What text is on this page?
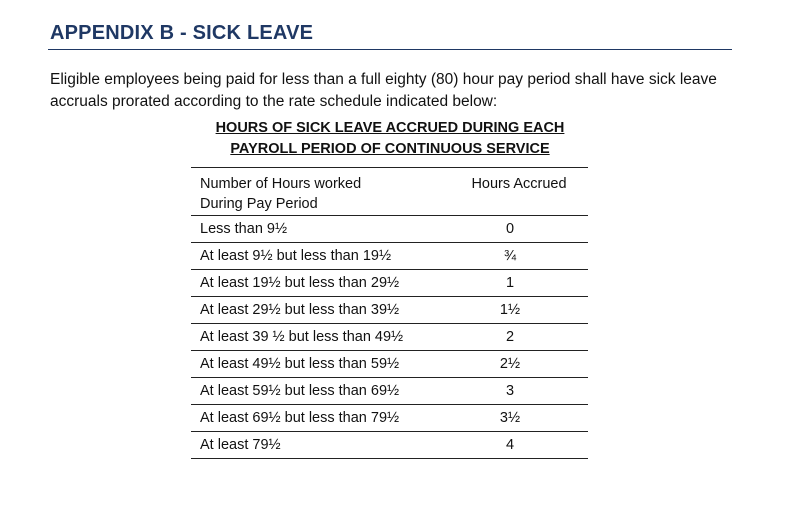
APPENDIX B - SICK LEAVE
Eligible employees being paid for less than a full eighty (80) hour pay period shall have sick leave accruals prorated according to the rate schedule indicated below:
HOURS OF SICK LEAVE ACCRUED DURING EACH
PAYROLL PERIOD OF CONTINUOUS SERVICE
Number of Hours worked
During Pay Period	Hours Accrued
Less than 9½	0
At least 9½ but less than 19½	¾
At least 19½ but less than 29½	1
At least 29½ but less than 39½	1½
At least 39 ½ but less than 49½	2
At least 49½ but less than 59½	2½
At least 59½ but less than 69½	3
At least 69½ but less than 79½	3½
At least 79½	4
